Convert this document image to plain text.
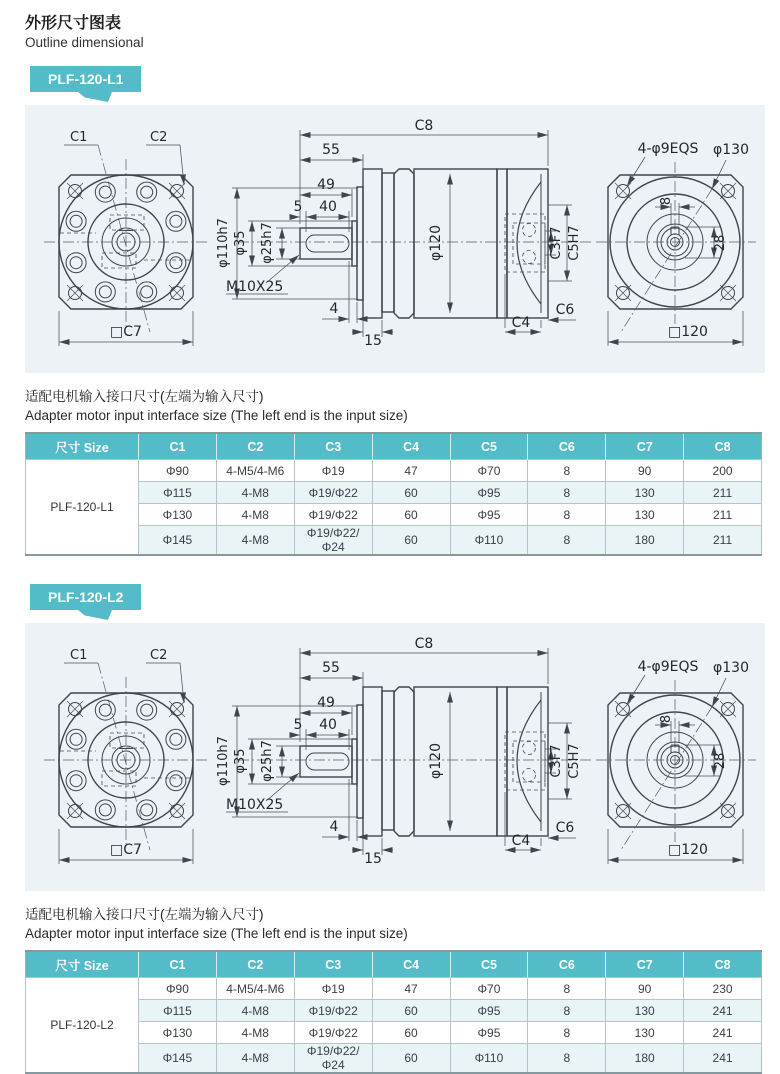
外形尺寸图表
Outline dimensional
PLF-120-L1
C1	C2
□C7
φ110h7	φ120
C8
55
49
5 40
φ35 φ25h7
M10X25
4
15
C4
C6
C3F7 C5H7
8
28
4-φ9EQS φ130
□120

适配电机输入接口尺寸(左端为输入尺寸)

Adapter motor input interface size (The left end is the input size)

尺寸 Size	C1	C2	C3	C4	C5	C6	C7	C8
PLF-120-L1	Φ90	4-M5/4-M6	Φ19	47	Φ70	8	90	200
	Φ115	4-M8	Φ19/Φ22	60	Φ95	8	130	211
	Φ130	4-M8	Φ19/Φ22	60	Φ95	8	130	211
	Φ145	4-M8	Φ19/Φ22/Φ24	60	Φ110	8	180	211
PLF-120-L2
C1	C2
□C7
φ110h7	φ120
C8
55
49
5 40
φ35 φ25h7
M10X25
4
15
C4
C6
C3F7 C5H7
8
28
4-φ9EQS φ130
□120

适配电机输入接口尺寸(左端为输入尺寸)

Adapter motor input interface size (The left end is the input size)

尺寸 Size	C1	C2	C3	C4	C5	C6	C7	C8
PLF-120-L2	Φ90	4-M5/4-M6	Φ19	47	Φ70	8	90	230
	Φ115	4-M8	Φ19/Φ22	60	Φ95	8	130	241
	Φ130	4-M8	Φ19/Φ22	60	Φ95	8	130	241
	Φ145	4-M8	Φ19/Φ22/Φ24	60	Φ110	8	180	241
